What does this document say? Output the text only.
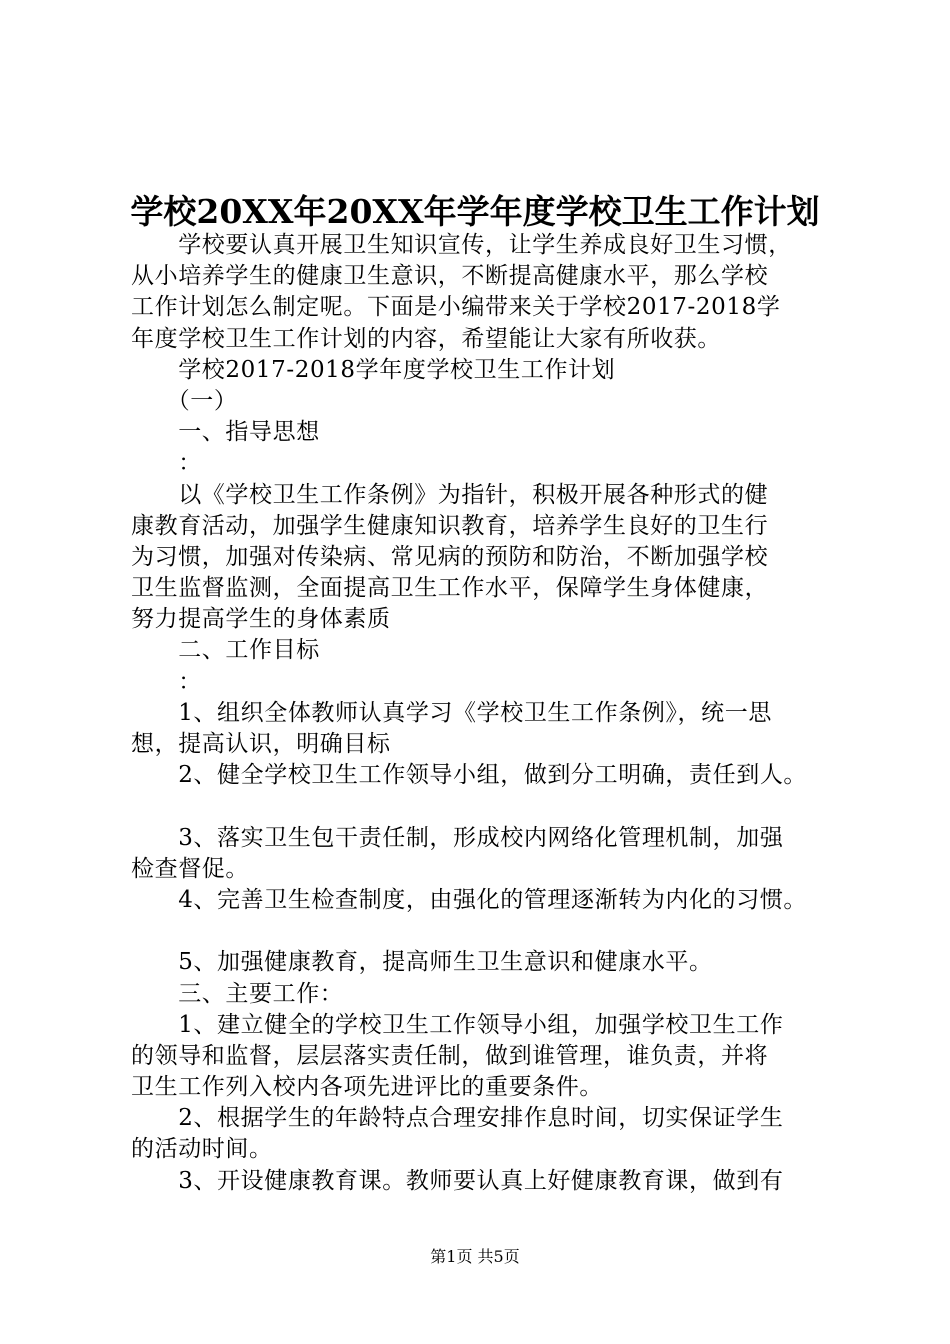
学校20XX年20XX年学年度学校卫生工作计划
　　学校要认真开展卫生知识宣传，让学生养成良好卫生习惯，
从小培养学生的健康卫生意识，不断提高健康水平，那么学校
工作计划怎么制定呢。下面是小编带来关于学校2017-2018学
年度学校卫生工作计划的内容，希望能让大家有所收获。
　　学校2017-2018学年度学校卫生工作计划
　　（一）
　　一、指导思想
　　：
　　以《学校卫生工作条例》为指针，积极开展各种形式的健
康教育活动，加强学生健康知识教育，培养学生良好的卫生行
为习惯，加强对传染病、常见病的预防和防治，不断加强学校
卫生监督监测，全面提高卫生工作水平，保障学生身体健康，
努力提高学生的身体素质
　　二、工作目标
　　：
　　1、组织全体教师认真学习《学校卫生工作条例》，统一思
想，提高认识，明确目标
　　2、健全学校卫生工作领导小组，做到分工明确，责任到人。
　　3、落实卫生包干责任制，形成校内网络化管理机制，加强
检查督促。
　　4、完善卫生检查制度，由强化的管理逐渐转为内化的习惯。
　　5、加强健康教育，提高师生卫生意识和健康水平。
　　三、主要工作：
　　1、建立健全的学校卫生工作领导小组，加强学校卫生工作
的领导和监督，层层落实责任制，做到谁管理，谁负责，并将
卫生工作列入校内各项先进评比的重要条件。
　　2、根据学生的年龄特点合理安排作息时间，切实保证学生
的活动时间。
　　3、开设健康教育课。教师要认真上好健康教育课，做到有
第1页 共5页
